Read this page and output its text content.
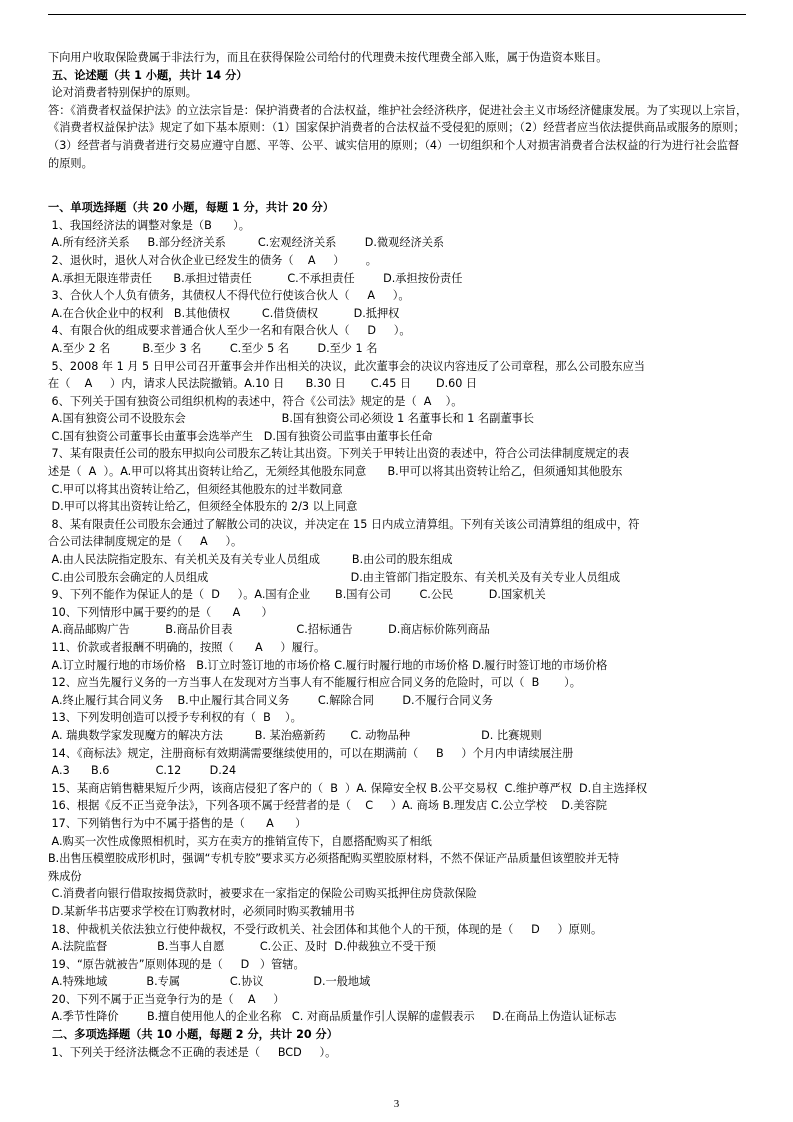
下向用户收取保险费属于非法行为，而且在获得保险公司给付的代理费未按代理费全部入账，属于伪造资本账目。
五、论述题（共 1 小题，共计 14 分）
论对消费者特别保护的原则。
答：《消费者权益保护法》的立法宗旨是：保护消费者的合法权益，维护社会经济秩序，促进社会主义市场经济健康发展。为了实现以上宗旨，《消费者权益保护法》规定了如下基本原则：（1）国家保护消费者的合法权益不受侵犯的原则；（2）经营者应当依法提供商品或服务的原则；（3）经营者与消费者进行交易应遵守自愿、平等、公平、诚实信用的原则；（4）一切组织和个人对损害消费者合法权益的行为进行社会监督的原则。
一、单项选择题（共 20 小题，每题 1 分，共计 20 分）
1、我国经济法的调整对象是（B      ）。
A.所有经济关系     B.部分经济关系         C.宏观经济关系        D.微观经济关系
2、退伙时，退伙人对合伙企业已经发生的债务（    A     ）      。
A.承担无限连带责任      B.承担过错责任          C.不承担责任        D.承担按份责任
3、合伙人个人负有债务，其债权人不得代位行使该合伙人（     A     ）。
A.在合伙企业中的权利   B.其他债权         C.借贷债权          D.抵押权
4、有限合伙的组成要求普通合伙人至少一名和有限合伙人（     D     ）。
A.至少 2 名         B.至少 3 名        C.至少 5 名        D.至少 1 名
5、2008 年 1 月 5 日甲公司召开董事会并作出相关的决议，此次董事会的决议内容违反了公司章程，那么公司股东应当
在（    A     ）内，请求人民法院撤销。A.10 日      B.30 日       C.45 日       D.60 日
6、下列关于国有独资公司组织机构的表述中，符合《公司法》规定的是（  A    ）。
A.国有独资公司不设股东会                           B.国有独资公司必须设 1 名董事长和 1 名副董事长
C.国有独资公司董事长由董事会选举产生   D.国有独资公司监事由董事长任命
7、某有限责任公司的股东甲拟向公司股东乙转让其出资。下列关于甲转让出资的表述中，符合公司法律制度规定的表
述是（  A  ）。A.甲可以将其出资转让给乙，无须经其他股东同意      B.甲可以将其出资转让给乙，但须通知其他股东
C.甲可以将其出资转让给乙，但须经其他股东的过半数同意
D.甲可以将其出资转让给乙，但须经全体股东的 2/3 以上同意
8、某有限责任公司股东会通过了解散公司的决议，并决定在 15 日内成立清算组。下列有关该公司清算组的组成中，符
合公司法律制度规定的是（     A     ）。
A.由人民法院指定股东、有关机关及有关专业人员组成         B.由公司的股东组成
C.由公司股东会确定的人员组成                                        D.由主管部门指定股东、有关机关及有关专业人员组成
9、下列不能作为保证人的是（  D     ）。A.国有企业       B.国有公司        C.公民          D.国家机关
10、下列情形中属于要约的是（      A      ）
A.商品邮购广告          B.商品价目表                  C.招标通告          D.商店标价陈列商品
11、价款或者报酬不明确的，按照（      A     ）履行。
A.订立时履行地的市场价格   B.订立时签订地的市场价格 C.履行时履行地的市场价格 D.履行时签订地的市场价格
12、应当先履行义务的一方当事人在发现对方当事人有不能履行相应合同义务的危险时，可以（  B       ）。
A.终止履行其合同义务    B.中止履行其合同义务        C.解除合同        D.不履行合同义务
13、下列发明创造可以授予专利权的有（  B    ）。
A. 瑞典数学家发现魔方的解决方法         B. 某治癌新药       C. 动物品种                    D. 比赛规则
14、《商标法》规定，注册商标有效期满需要继续使用的，可以在期满前（     B     ）个月内申请续展注册
A.3      B.6             C.12        D.24
15、某商店销售糖果短斤少两，该商店侵犯了客户的（  B  ）A. 保障安全权 B.公平交易权  C.维护尊严权  D.自主选择权
16、根据《反不正当竞争法》，下列各项不属于经营者的是（    C     ）A. 商场 B.理发店 C.公立学校    D.美容院
17、下列销售行为中不属于搭售的是（      A      ）
A.购买一次性成像照相机时，买方在卖方的推销宣传下，自愿搭配购买了相纸
B.出售压模塑胶成形机时，强调“专机专胶”要求买方必须搭配购买塑胶原材料，不然不保证产品质量但该塑胶并无特
殊成份
C.消费者向银行借取按揭贷款时，被要求在一家指定的保险公司购买抵押住房贷款保险
D.某新华书店要求学校在订购教材时，必须同时购买教辅用书
18、仲裁机关依法独立行使仲裁权，不受行政机关、社会团体和其他个人的干预，体现的是（     D     ）原则。
A.法院监督              B.当事人自愿          C.公正、及时  D.仲裁独立不受干预
19、“原告就被告”原则体现的是（     D   ）管辖。
A.特殊地域           B.专属              C.协议              D.一般地域
20、下列不属于正当竞争行为的是（    A     ）
A.季节性降价        B.擅自使用他人的企业名称   C. 对商品质量作引人误解的虚假表示     D.在商品上伪造认证标志
二、多项选择题（共 10 小题，每题 2 分，共计 20 分）
1、下列关于经济法概念不正确的表述是（     BCD     ）。
3
